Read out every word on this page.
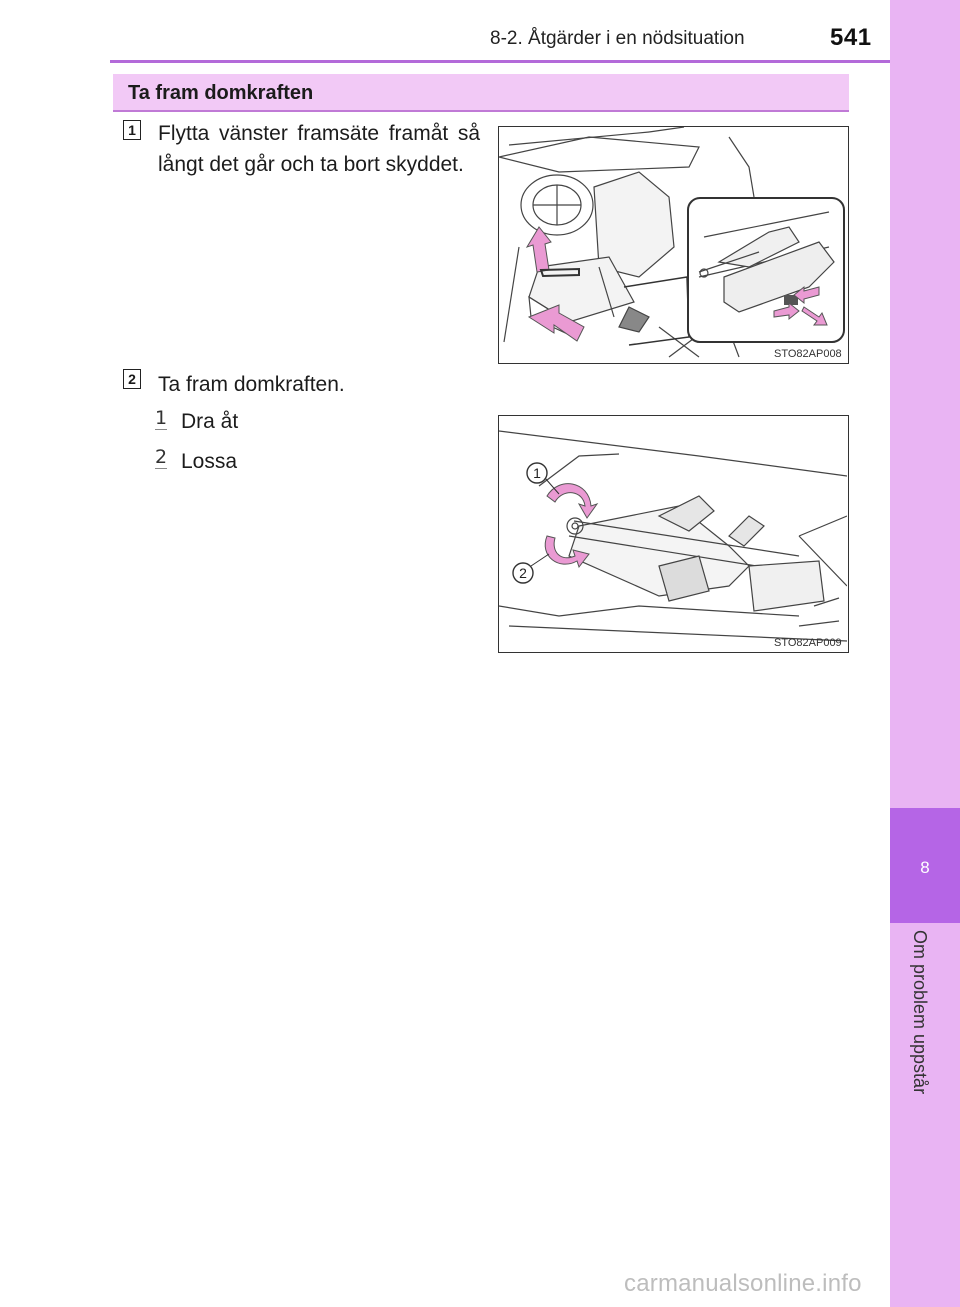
8-2. Åtgärder i en nödsituation	541
8
Om problem uppstår
Ta fram domkraften
1 Flytta vänster framsäte framåt så långt det går och ta bort skyddet.
2 Ta fram domkraften.
1 Dra åt
2 Lossa
STO82AP008
1
2
STO82AP009
carmanualsonline.info
